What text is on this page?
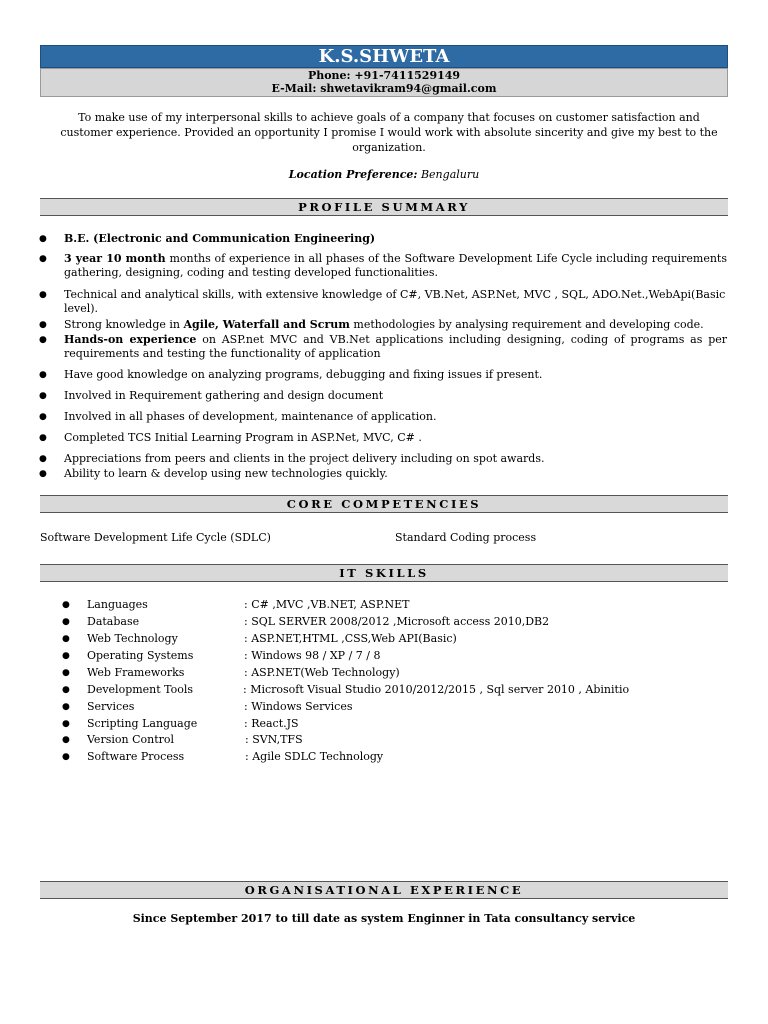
K.S.SHWETA
Phone: +91-7411529149
E-Mail: shwetavikram94@gmail.com
To make use of my interpersonal skills to achieve goals of a company that focuses on customer satisfaction and customer experience. Provided an opportunity I promise I would work with absolute sincerity and give my best to the organization.
Location Preference: Bengaluru
PROFILE SUMMARY
● B.E. (Electronic and Communication Engineering)
● 3 year 10 month months of experience in all phases of the Software Development Life Cycle including requirements gathering, designing, coding and testing developed functionalities.
● Technical and analytical skills, with extensive knowledge of C#, VB.Net, ASP.Net, MVC , SQL, ADO.Net.,WebApi(Basic level).
● Strong knowledge in Agile, Waterfall and Scrum methodologies by analysing requirement and developing code.
● Hands-on experience on ASP.net MVC and VB.Net applications including designing, coding of programs as per requirements and testing the functionality of application
● Have good knowledge on analyzing programs, debugging and fixing issues if present.
● Involved in Requirement gathering and design document
● Involved in all phases of development, maintenance of application.
● Completed TCS Initial Learning Program in ASP.Net, MVC, C# .
● Appreciations from peers and clients in the project delivery including on spot awards.
● Ability to learn & develop using new technologies quickly.
CORE COMPETENCIES
Software Development Life Cycle (SDLC)	Standard Coding process
IT SKILLS
● Languages	: C# ,MVC ,VB.NET, ASP.NET
● Database	: SQL SERVER 2008/2012 ,Microsoft access 2010,DB2
● Web Technology	: ASP.NET,HTML ,CSS,Web API(Basic)
● Operating Systems	: Windows 98 / XP / 7 / 8
● Web Frameworks	: ASP.NET(Web Technology)
● Development Tools	: Microsoft Visual Studio 2010/2012/2015 , Sql server 2010 , Abinitio
● Services	: Windows Services
● Scripting Language	: React.JS
● Version Control	: SVN,TFS
● Software Process	: Agile SDLC Technology
ORGANISATIONAL EXPERIENCE
Since September 2017 to till date as system Enginner in Tata consultancy service
